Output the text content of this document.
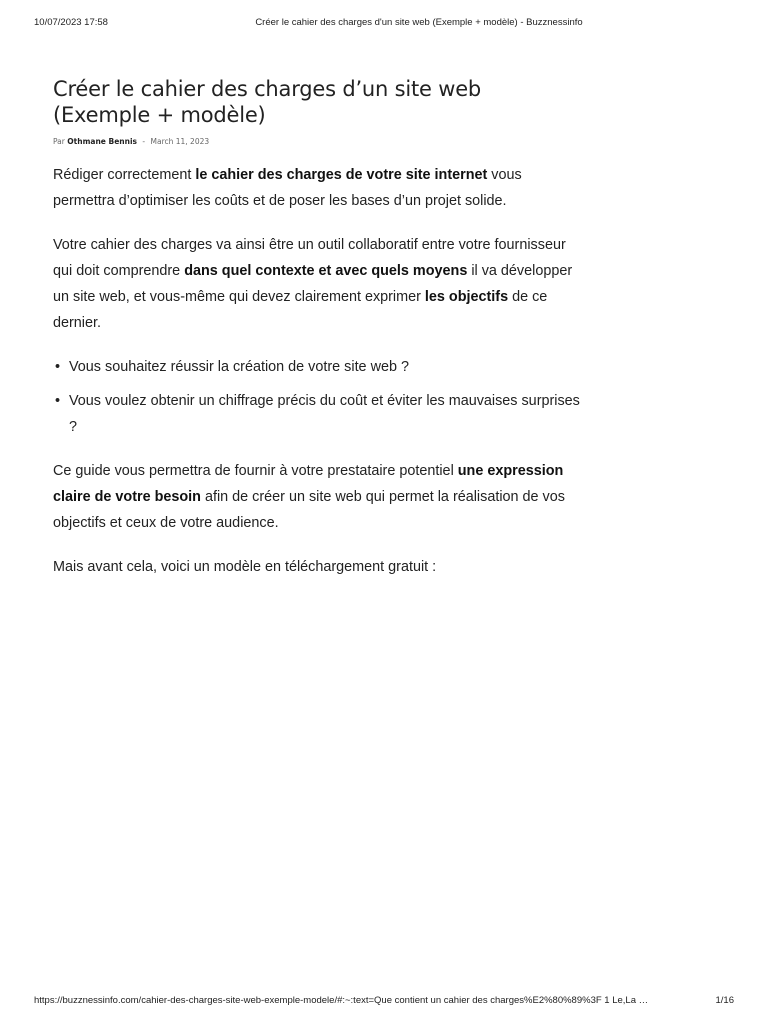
10/07/2023 17:58	Créer le cahier des charges d'un site web (Exemple + modèle) - Buzznessinfo
Créer le cahier des charges d’un site web (Exemple + modèle)
Par Othmane Bennis - March 11, 2023

Rédiger correctement le cahier des charges de votre site internet vous permettra d’optimiser les coûts et de poser les bases d’un projet solide.

Votre cahier des charges va ainsi être un outil collaboratif entre votre fournisseur qui doit comprendre dans quel contexte et avec quels moyens il va développer un site web, et vous-même qui devez clairement exprimer les objectifs de ce dernier.

• Vous souhaitez réussir la création de votre site web ?
• Vous voulez obtenir un chiffrage précis du coût et éviter les mauvaises surprises ?

Ce guide vous permettra de fournir à votre prestataire potentiel une expression claire de votre besoin afin de créer un site web qui permet la réalisation de vos objectifs et ceux de votre audience.

Mais avant cela, voici un modèle en téléchargement gratuit :

https://buzznessinfo.com/cahier-des-charges-site-web-exemple-modele/#:~:text=Que contient un cahier des charges%E2%80%89%3F 1 Le,La …	1/16
